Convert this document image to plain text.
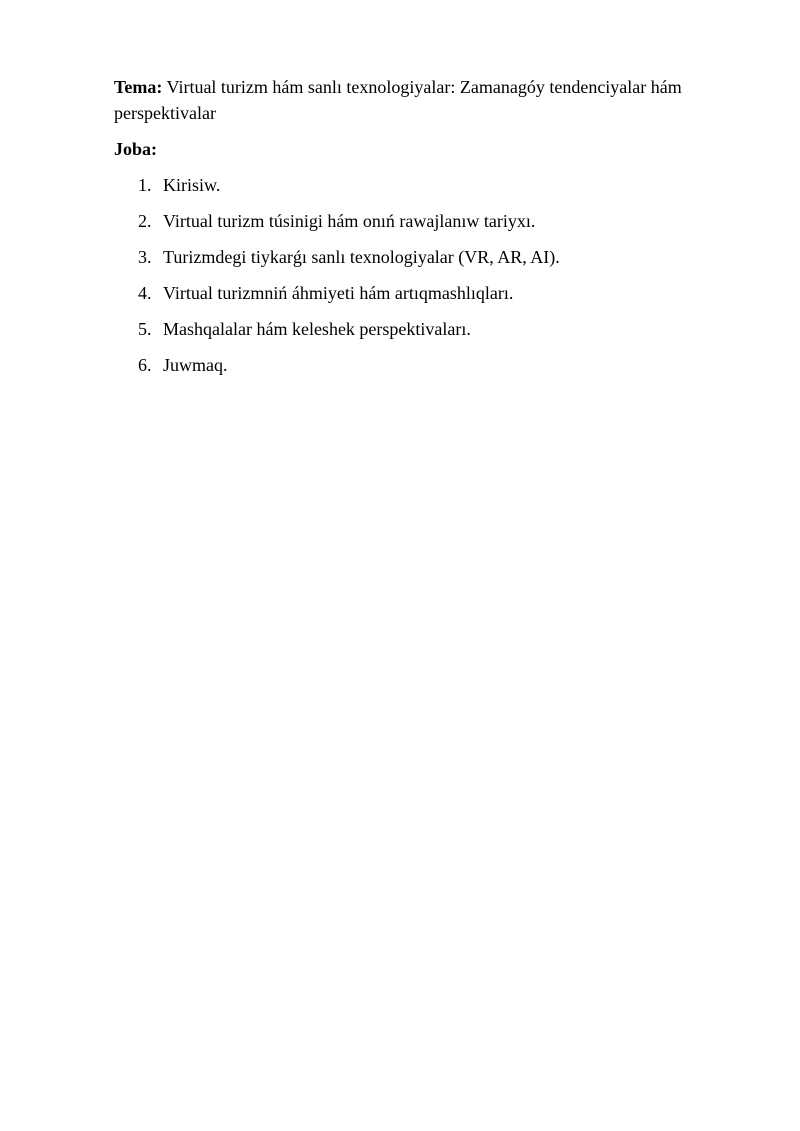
Tema: Virtual turizm hám sanlı texnologiyalar: Zamanagóy tendenciyalar hám perspektivalar

Joba:

1. Kirisiw.
2. Virtual turizm túsinigi hám onıń rawajlanıw tariyxı.
3. Turizmdegi tiykarǵı sanlı texnologiyalar (VR, AR, AI).
4. Virtual turizmniń áhmiyeti hám artıqmashlıqları.
5. Mashqalalar hám keleshek perspektivaları.
6. Juwmaq.
